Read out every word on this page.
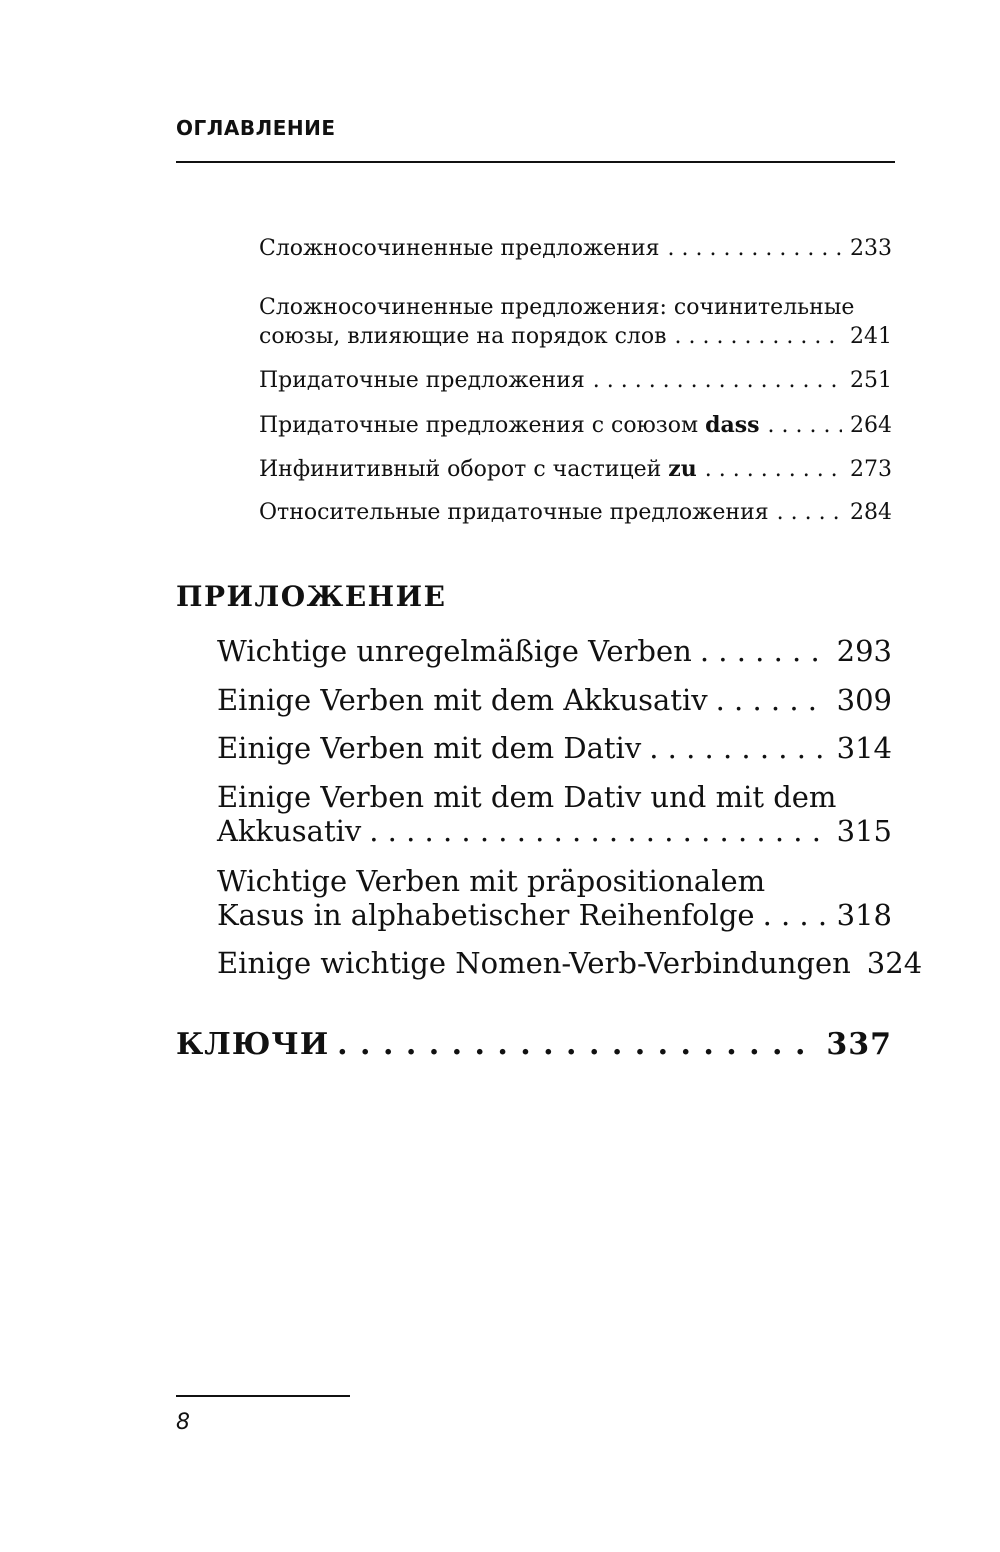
ОГЛАВЛЕНИЕ
Сложносочиненные предложения . . .	233
Сложносочиненные предложения: сочинительные
союзы, влияющие на порядок слов . . .	241
Придаточные предложения . . .	251
Придаточные предложения с союзом dass . . .	264
Инфинитивный оборот с частицей zu . . .	273
Относительные придаточные предложения . . .	284
ПРИЛОЖЕНИЕ
Wichtige unregelmäßige Verben . . .	293
Einige Verben mit dem Akkusativ . . .	309
Einige Verben mit dem Dativ . . .	314
Einige Verben mit dem Dativ und mit dem
Akkusativ . . .	315
Wichtige Verben mit präpositionalem
Kasus in alphabetischer Reihenfolge . . .	318
Einige wichtige Nomen-Verb-Verbindungen 324
КЛЮЧИ . . .	337
8
